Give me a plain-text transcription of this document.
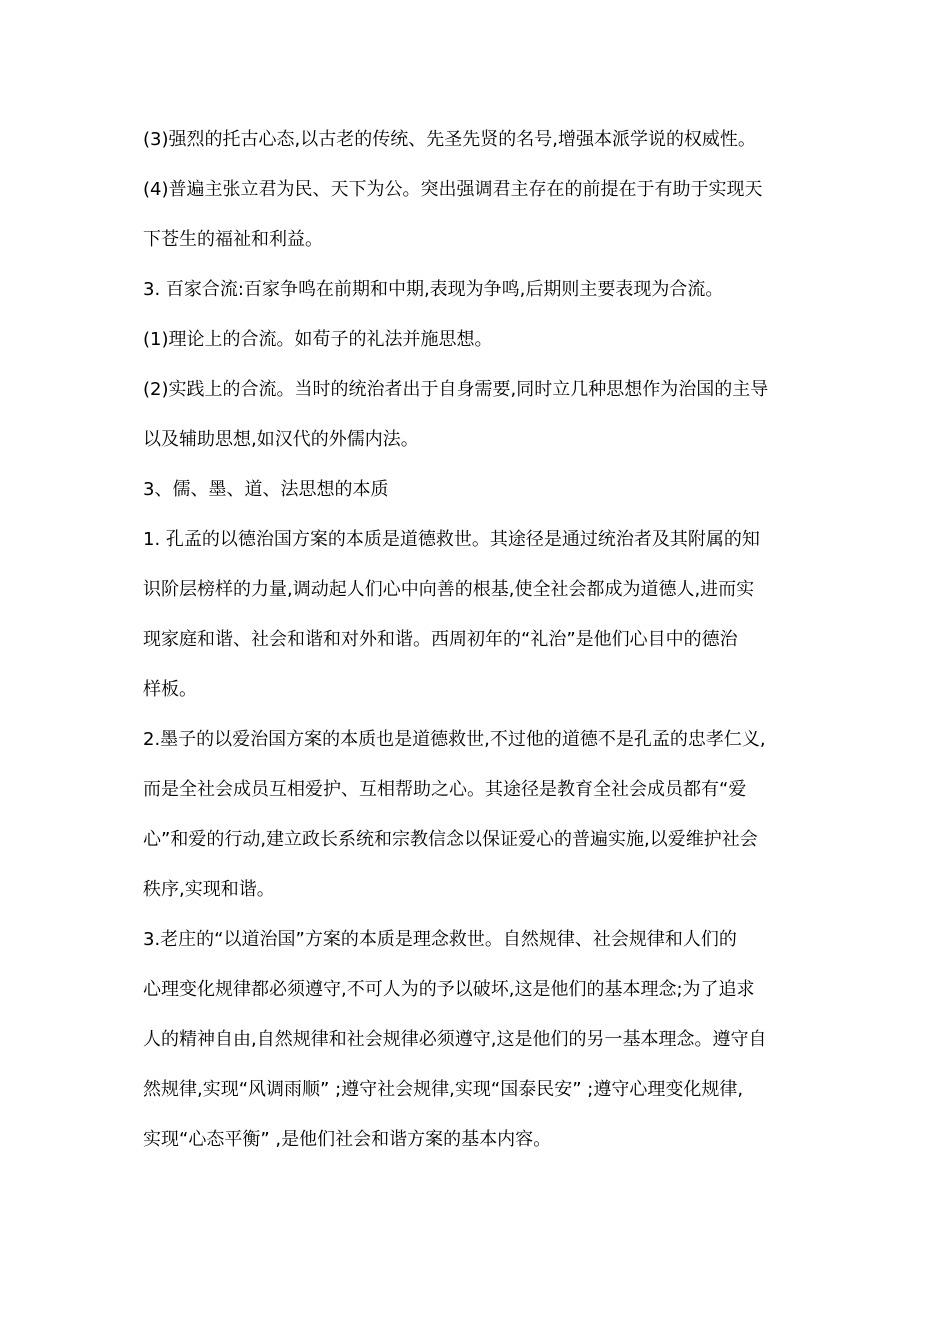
(3)强烈的托古心态,以古老的传统、先圣先贤的名号,增强本派学说的权威性。
(4)普遍主张立君为民、天下为公。突出强调君主存在的前提在于有助于实现天
下苍生的福祉和利益。
3. 百家合流:百家争鸣在前期和中期,表现为争鸣,后期则主要表现为合流。
(1)理论上的合流。如荀子的礼法并施思想。
(2)实践上的合流。当时的统治者出于自身需要,同时立几种思想作为治国的主导
以及辅助思想,如汉代的外儒内法。
3、儒、墨、道、法思想的本质
1. 孔孟的以德治国方案的本质是道德救世。其途径是通过统治者及其附属的知
识阶层榜样的力量,调动起人们心中向善的根基,使全社会都成为道德人,进而实
现家庭和谐、社会和谐和对外和谐。西周初年的“礼治”是他们心目中的德治
样板。
2.墨子的以爱治国方案的本质也是道德救世,不过他的道德不是孔孟的忠孝仁义,
而是全社会成员互相爱护、互相帮助之心。其途径是教育全社会成员都有“爱
心”和爱的行动,建立政长系统和宗教信念以保证爱心的普遍实施,以爱维护社会
秩序,实现和谐。
3.老庄的“以道治国”方案的本质是理念救世。自然规律、社会规律和人们的
心理变化规律都必须遵守,不可人为的予以破坏,这是他们的基本理念;为了追求
人的精神自由,自然规律和社会规律必须遵守,这是他们的另一基本理念。遵守自
然规律,实现“风调雨顺” ;遵守社会规律,实现“国泰民安” ;遵守心理变化规律,
实现“心态平衡” ,是他们社会和谐方案的基本内容。
